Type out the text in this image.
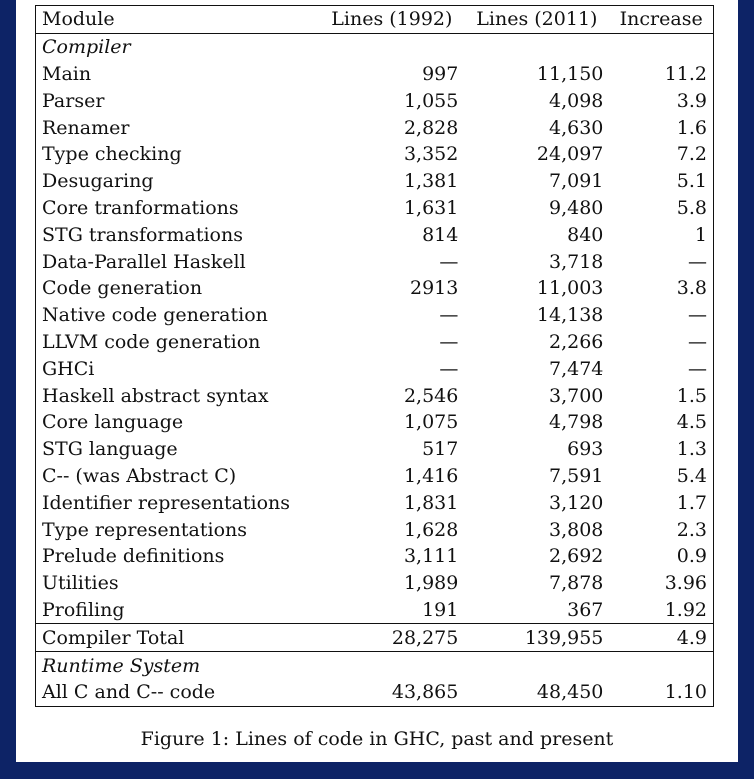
Module	Lines (1992)	Lines (2011)	Increase
Compiler			
Main	997	11,150	11.2
Parser	1,055	4,098	3.9
Renamer	2,828	4,630	1.6
Type checking	3,352	24,097	7.2
Desugaring	1,381	7,091	5.1
Core tranformations	1,631	9,480	5.8
STG transformations	814	840	1
Data-Parallel Haskell	—	3,718	—
Code generation	2913	11,003	3.8
Native code generation	—	14,138	—
LLVM code generation	—	2,266	—
GHCi	—	7,474	—
Haskell abstract syntax	2,546	3,700	1.5
Core language	1,075	4,798	4.5
STG language	517	693	1.3
C-- (was Abstract C)	1,416	7,591	5.4
Identifier representations	1,831	3,120	1.7
Type representations	1,628	3,808	2.3
Prelude definitions	3,111	2,692	0.9
Utilities	1,989	7,878	3.96
Profiling	191	367	1.92
Compiler Total	28,275	139,955	4.9
Runtime System			
All C and C-- code	43,865	48,450	1.10
Figure 1: Lines of code in GHC, past and present
